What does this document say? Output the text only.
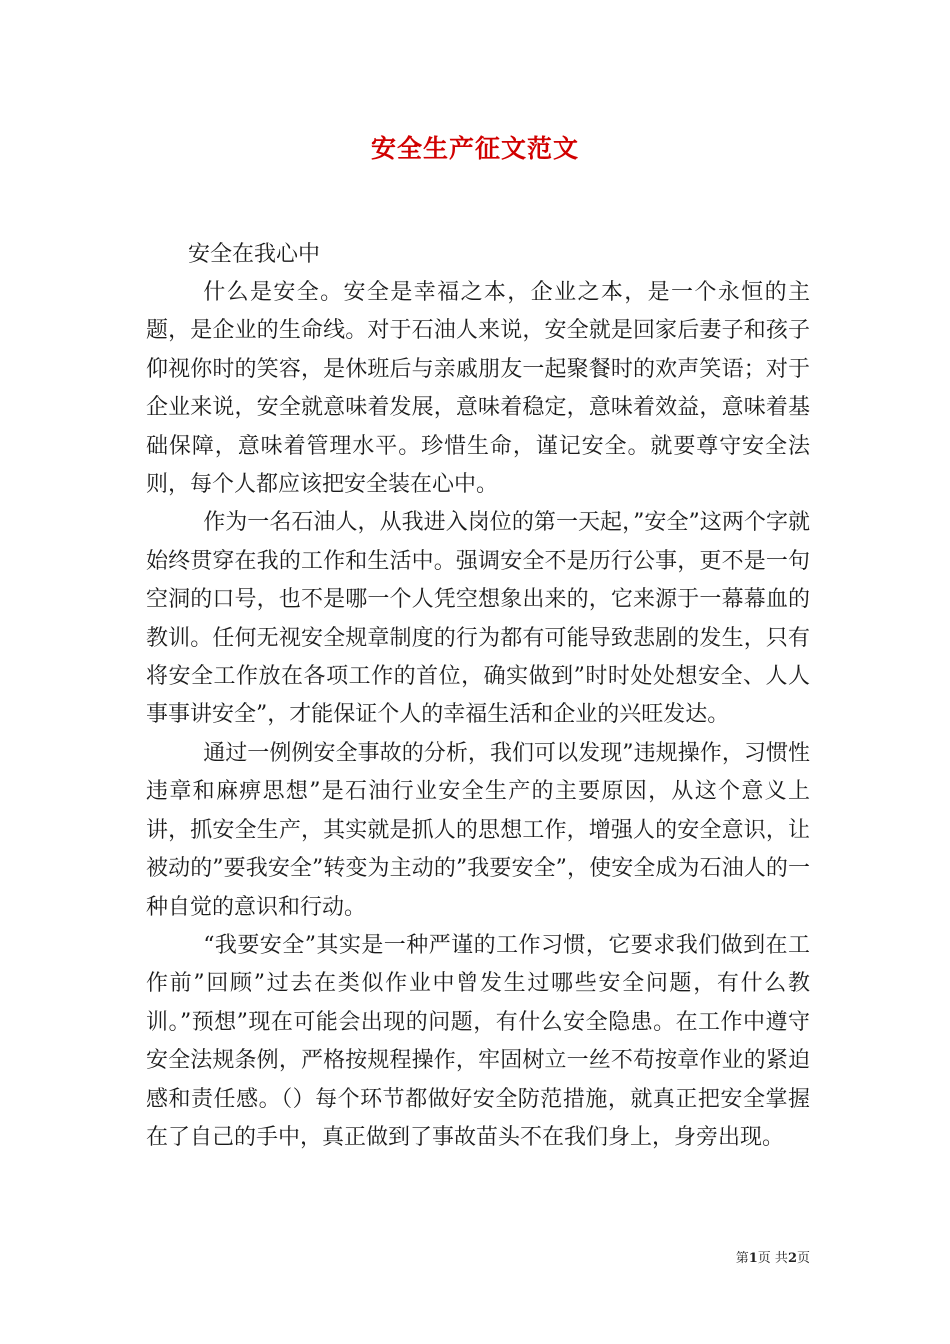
安全生产征文范文
安全在我心中

什么是安全。安全是幸福之本，企业之本，是一个永恒的主题，是企业的生命线。对于石油人来说，安全就是回家后妻子和孩子仰视你时的笑容，是休班后与亲戚朋友一起聚餐时的欢声笑语；对于企业来说，安全就意味着发展，意味着稳定，意味着效益，意味着基础保障，意味着管理水平。珍惜生命，谨记安全。就要尊守安全法则，每个人都应该把安全装在心中。

作为一名石油人，从我进入岗位的第一天起，”安全”这两个字就始终贯穿在我的工作和生活中。强调安全不是历行公事，更不是一句空洞的口号，也不是哪一个人凭空想象出来的，它来源于一幕幕血的教训。任何无视安全规章制度的行为都有可能导致悲剧的发生，只有将安全工作放在各项工作的首位，确实做到”时时处处想安全、人人事事讲安全”，才能保证个人的幸福生活和企业的兴旺发达。

通过一例例安全事故的分析，我们可以发现”违规操作，习惯性违章和麻痹思想”是石油行业安全生产的主要原因，从这个意义上讲，抓安全生产，其实就是抓人的思想工作，增强人的安全意识，让被动的”要我安全”转变为主动的”我要安全”，使安全成为石油人的一种自觉的意识和行动。

“我要安全”其实是一种严谨的工作习惯，它要求我们做到在工作前”回顾”过去在类似作业中曾发生过哪些安全问题，有什么教训。”预想”现在可能会出现的问题，有什么安全隐患。在工作中遵守安全法规条例，严格按规程操作，牢固树立一丝不苟按章作业的紧迫感和责任感。（）每个环节都做好安全防范措施，就真正把安全掌握在了自己的手中，真正做到了事故苗头不在我们身上，身旁出现。

第1页 共2页
